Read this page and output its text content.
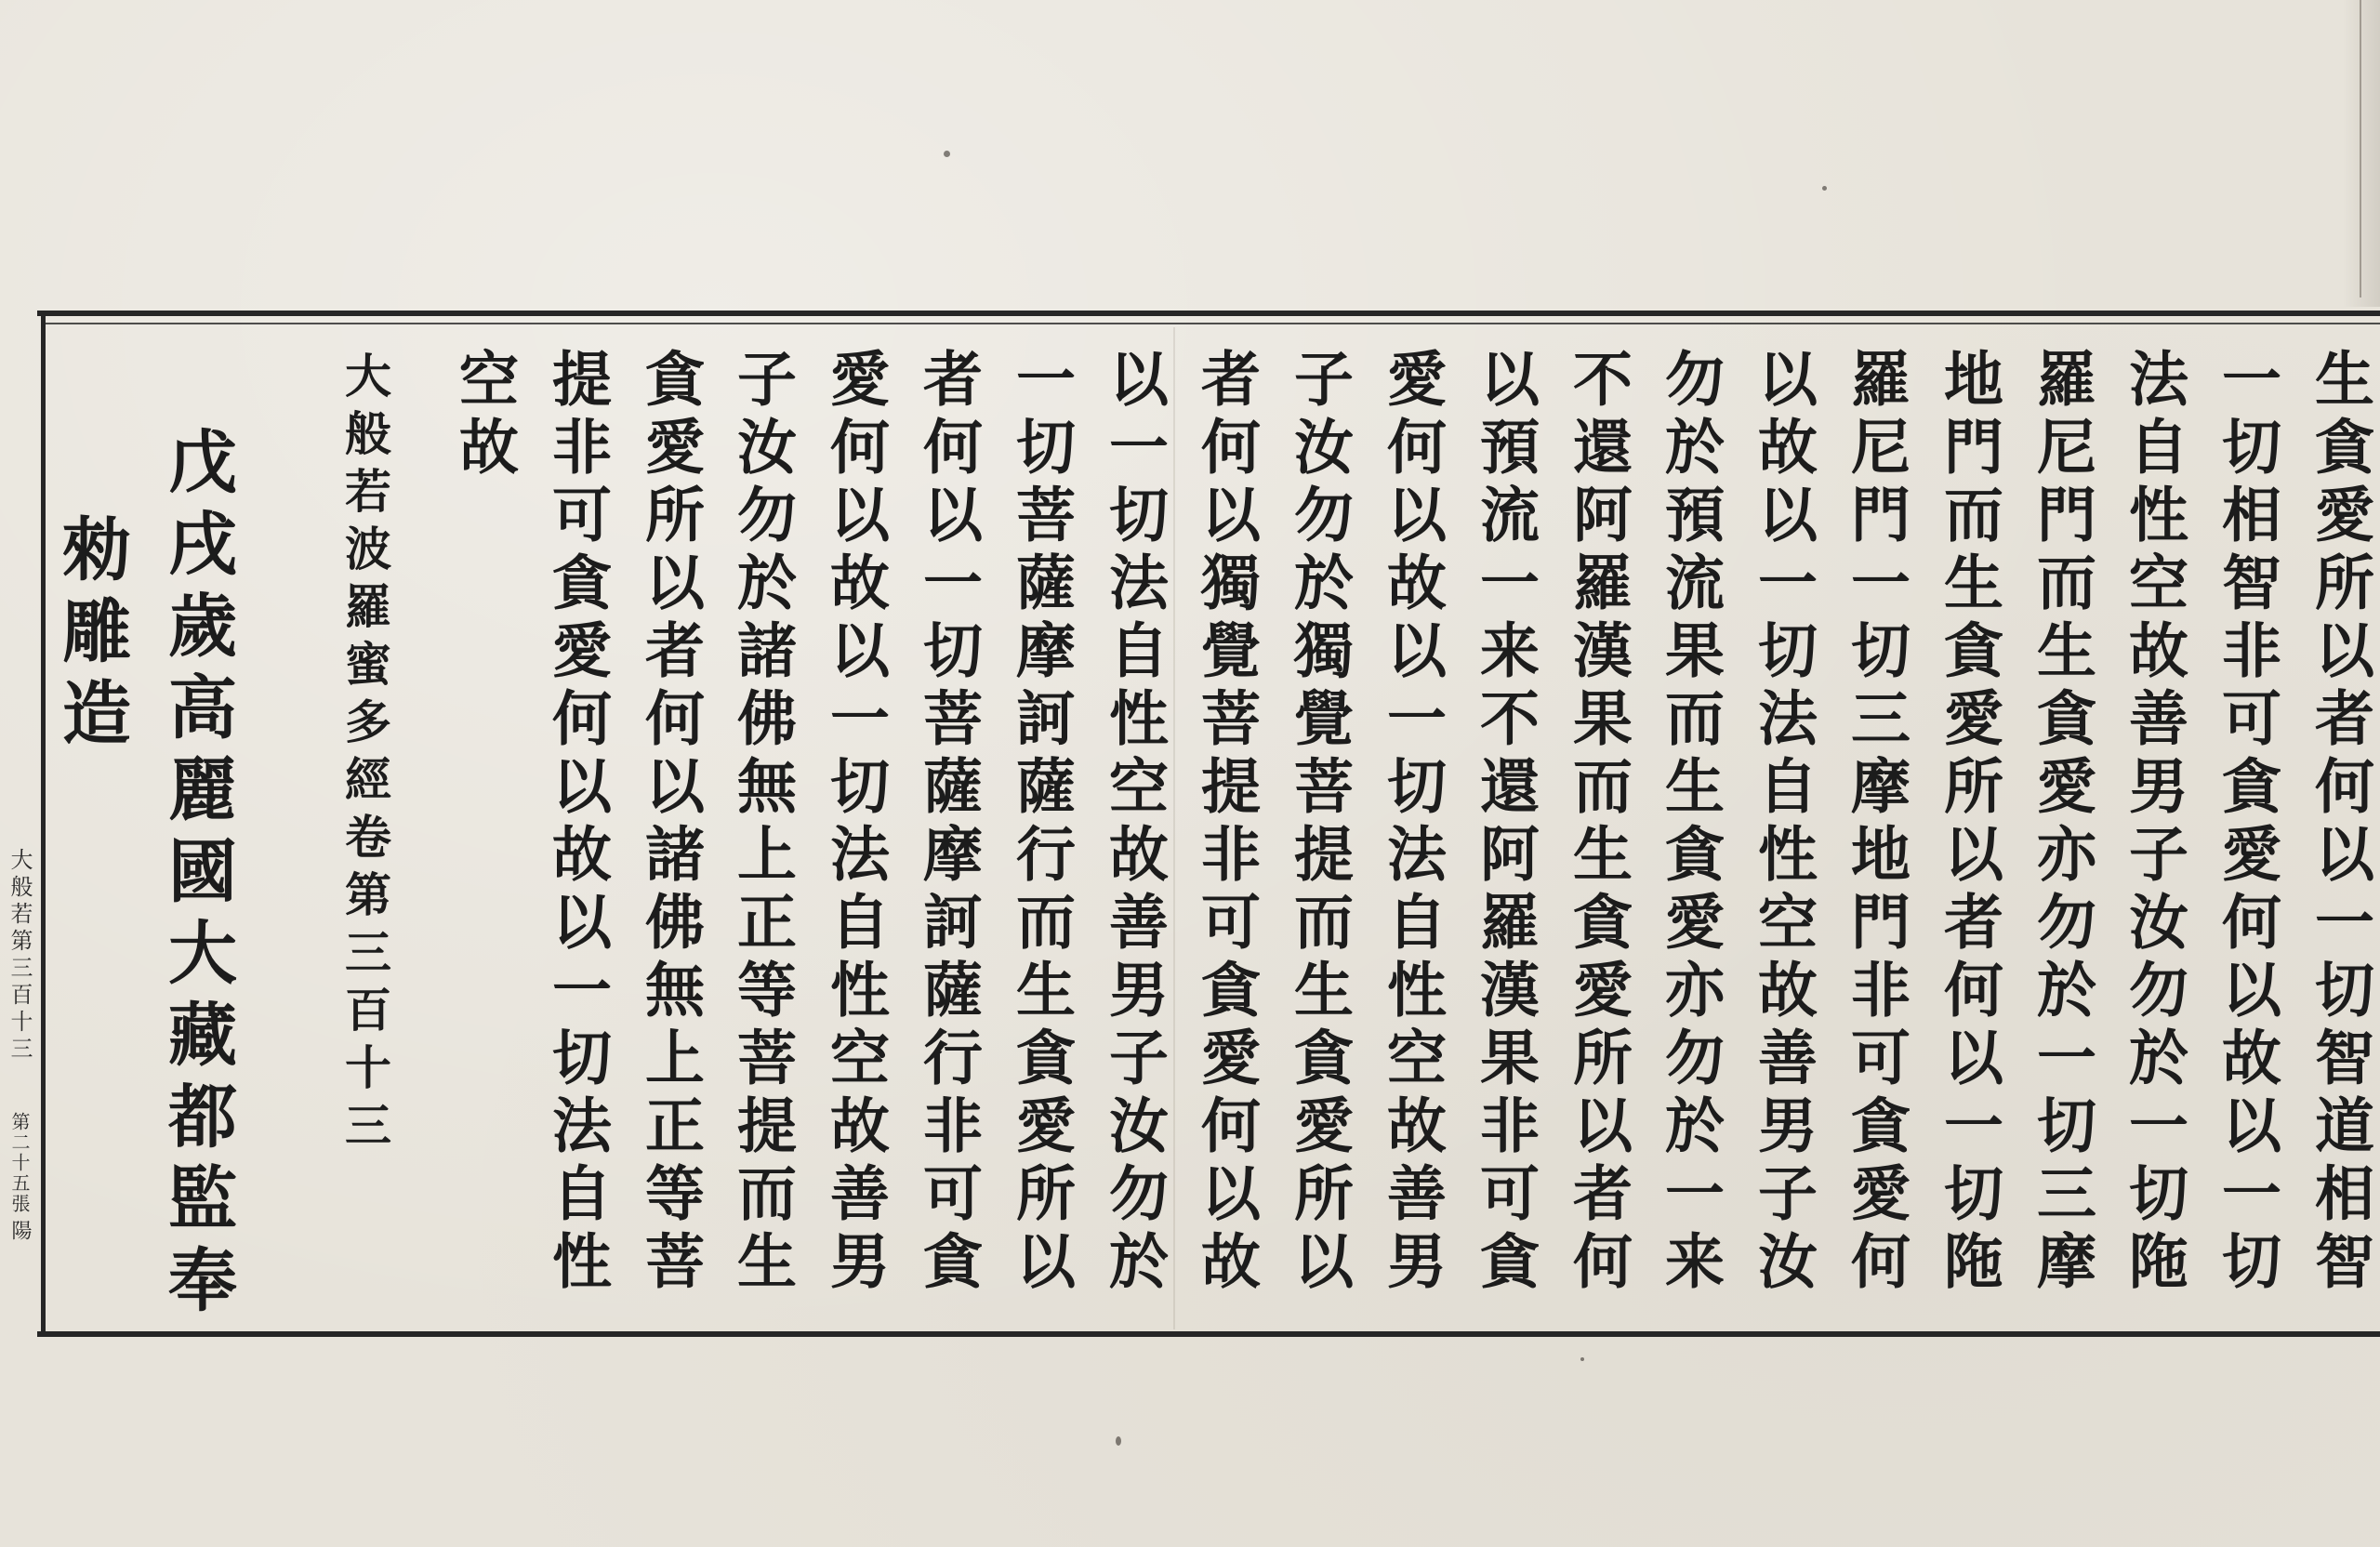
生貪愛所以者何以一切智道相智
一切相智非可貪愛何以故以一切
法自性空故善男子汝勿於一切陁
羅尼門而生貪愛亦勿於一切三摩
地門而生貪愛所以者何以一切陁
羅尼門一切三摩地門非可貪愛何
以故以一切法自性空故善男子汝
勿於預流果而生貪愛亦勿於一来
不還阿羅漢果而生貪愛所以者何
以預流一来不還阿羅漢果非可貪
愛何以故以一切法自性空故善男
子汝勿於獨覺菩提而生貪愛所以
者何以獨覺菩提非可貪愛何以故
以一切法自性空故善男子汝勿於
一切菩薩摩訶薩行而生貪愛所以
者何以一切菩薩摩訶薩行非可貪
愛何以故以一切法自性空故善男
子汝勿於諸佛無上正等菩提而生
貪愛所以者何以諸佛無上正等菩
提非可貪愛何以故以一切法自性
空故
大般若波羅蜜多經卷第三百十三
戊戌歲高麗國大藏都監奉
勑雕造
大般若第三百十三
第二十五張
陽
